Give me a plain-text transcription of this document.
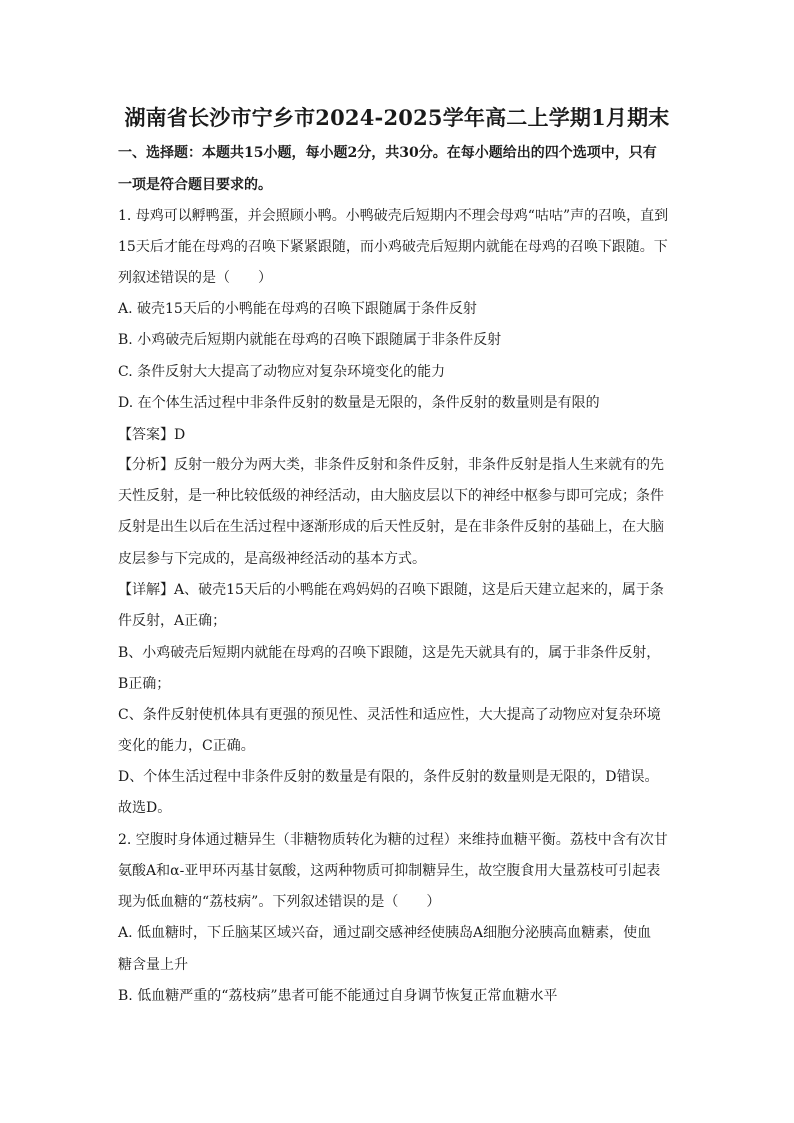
湖南省长沙市宁乡市2024-2025学年高二上学期1月期末
一、选择题：本题共15小题，每小题2分，共30分。在每小题给出的四个选项中，只有
一项是符合题目要求的。
1. 母鸡可以孵鸭蛋，并会照顾小鸭。小鸭破壳后短期内不理会母鸡“咕咕”声的召唤，直到
15天后才能在母鸡的召唤下紧紧跟随，而小鸡破壳后短期内就能在母鸡的召唤下跟随。下
列叙述错误的是（　　）
A. 破壳15天后的小鸭能在母鸡的召唤下跟随属于条件反射
B. 小鸡破壳后短期内就能在母鸡的召唤下跟随属于非条件反射
C. 条件反射大大提高了动物应对复杂环境变化的能力
D. 在个体生活过程中非条件反射的数量是无限的，条件反射的数量则是有限的
【答案】D
【分析】反射一般分为两大类，非条件反射和条件反射，非条件反射是指人生来就有的先
天性反射，是一种比较低级的神经活动，由大脑皮层以下的神经中枢参与即可完成；条件
反射是出生以后在生活过程中逐渐形成的后天性反射，是在非条件反射的基础上，在大脑
皮层参与下完成的，是高级神经活动的基本方式。
【详解】A、破壳15天后的小鸭能在鸡妈妈的召唤下跟随，这是后天建立起来的，属于条
件反射，A正确；
B、小鸡破壳后短期内就能在母鸡的召唤下跟随，这是先天就具有的，属于非条件反射，
B正确；
C、条件反射使机体具有更强的预见性、灵活性和适应性，大大提高了动物应对复杂环境
变化的能力，C正确。
D、个体生活过程中非条件反射的数量是有限的，条件反射的数量则是无限的，D错误。
故选D。
2. 空腹时身体通过糖异生（非糖物质转化为糖的过程）来维持血糖平衡。荔枝中含有次甘
氨酸A和α-亚甲环丙基甘氨酸，这两种物质可抑制糖异生，故空腹食用大量荔枝可引起表
现为低血糖的“荔枝病”。下列叙述错误的是（　　）
A. 低血糖时，下丘脑某区域兴奋，通过副交感神经使胰岛A细胞分泌胰高血糖素，使血
糖含量上升
B. 低血糖严重的“荔枝病”患者可能不能通过自身调节恢复正常血糖水平
